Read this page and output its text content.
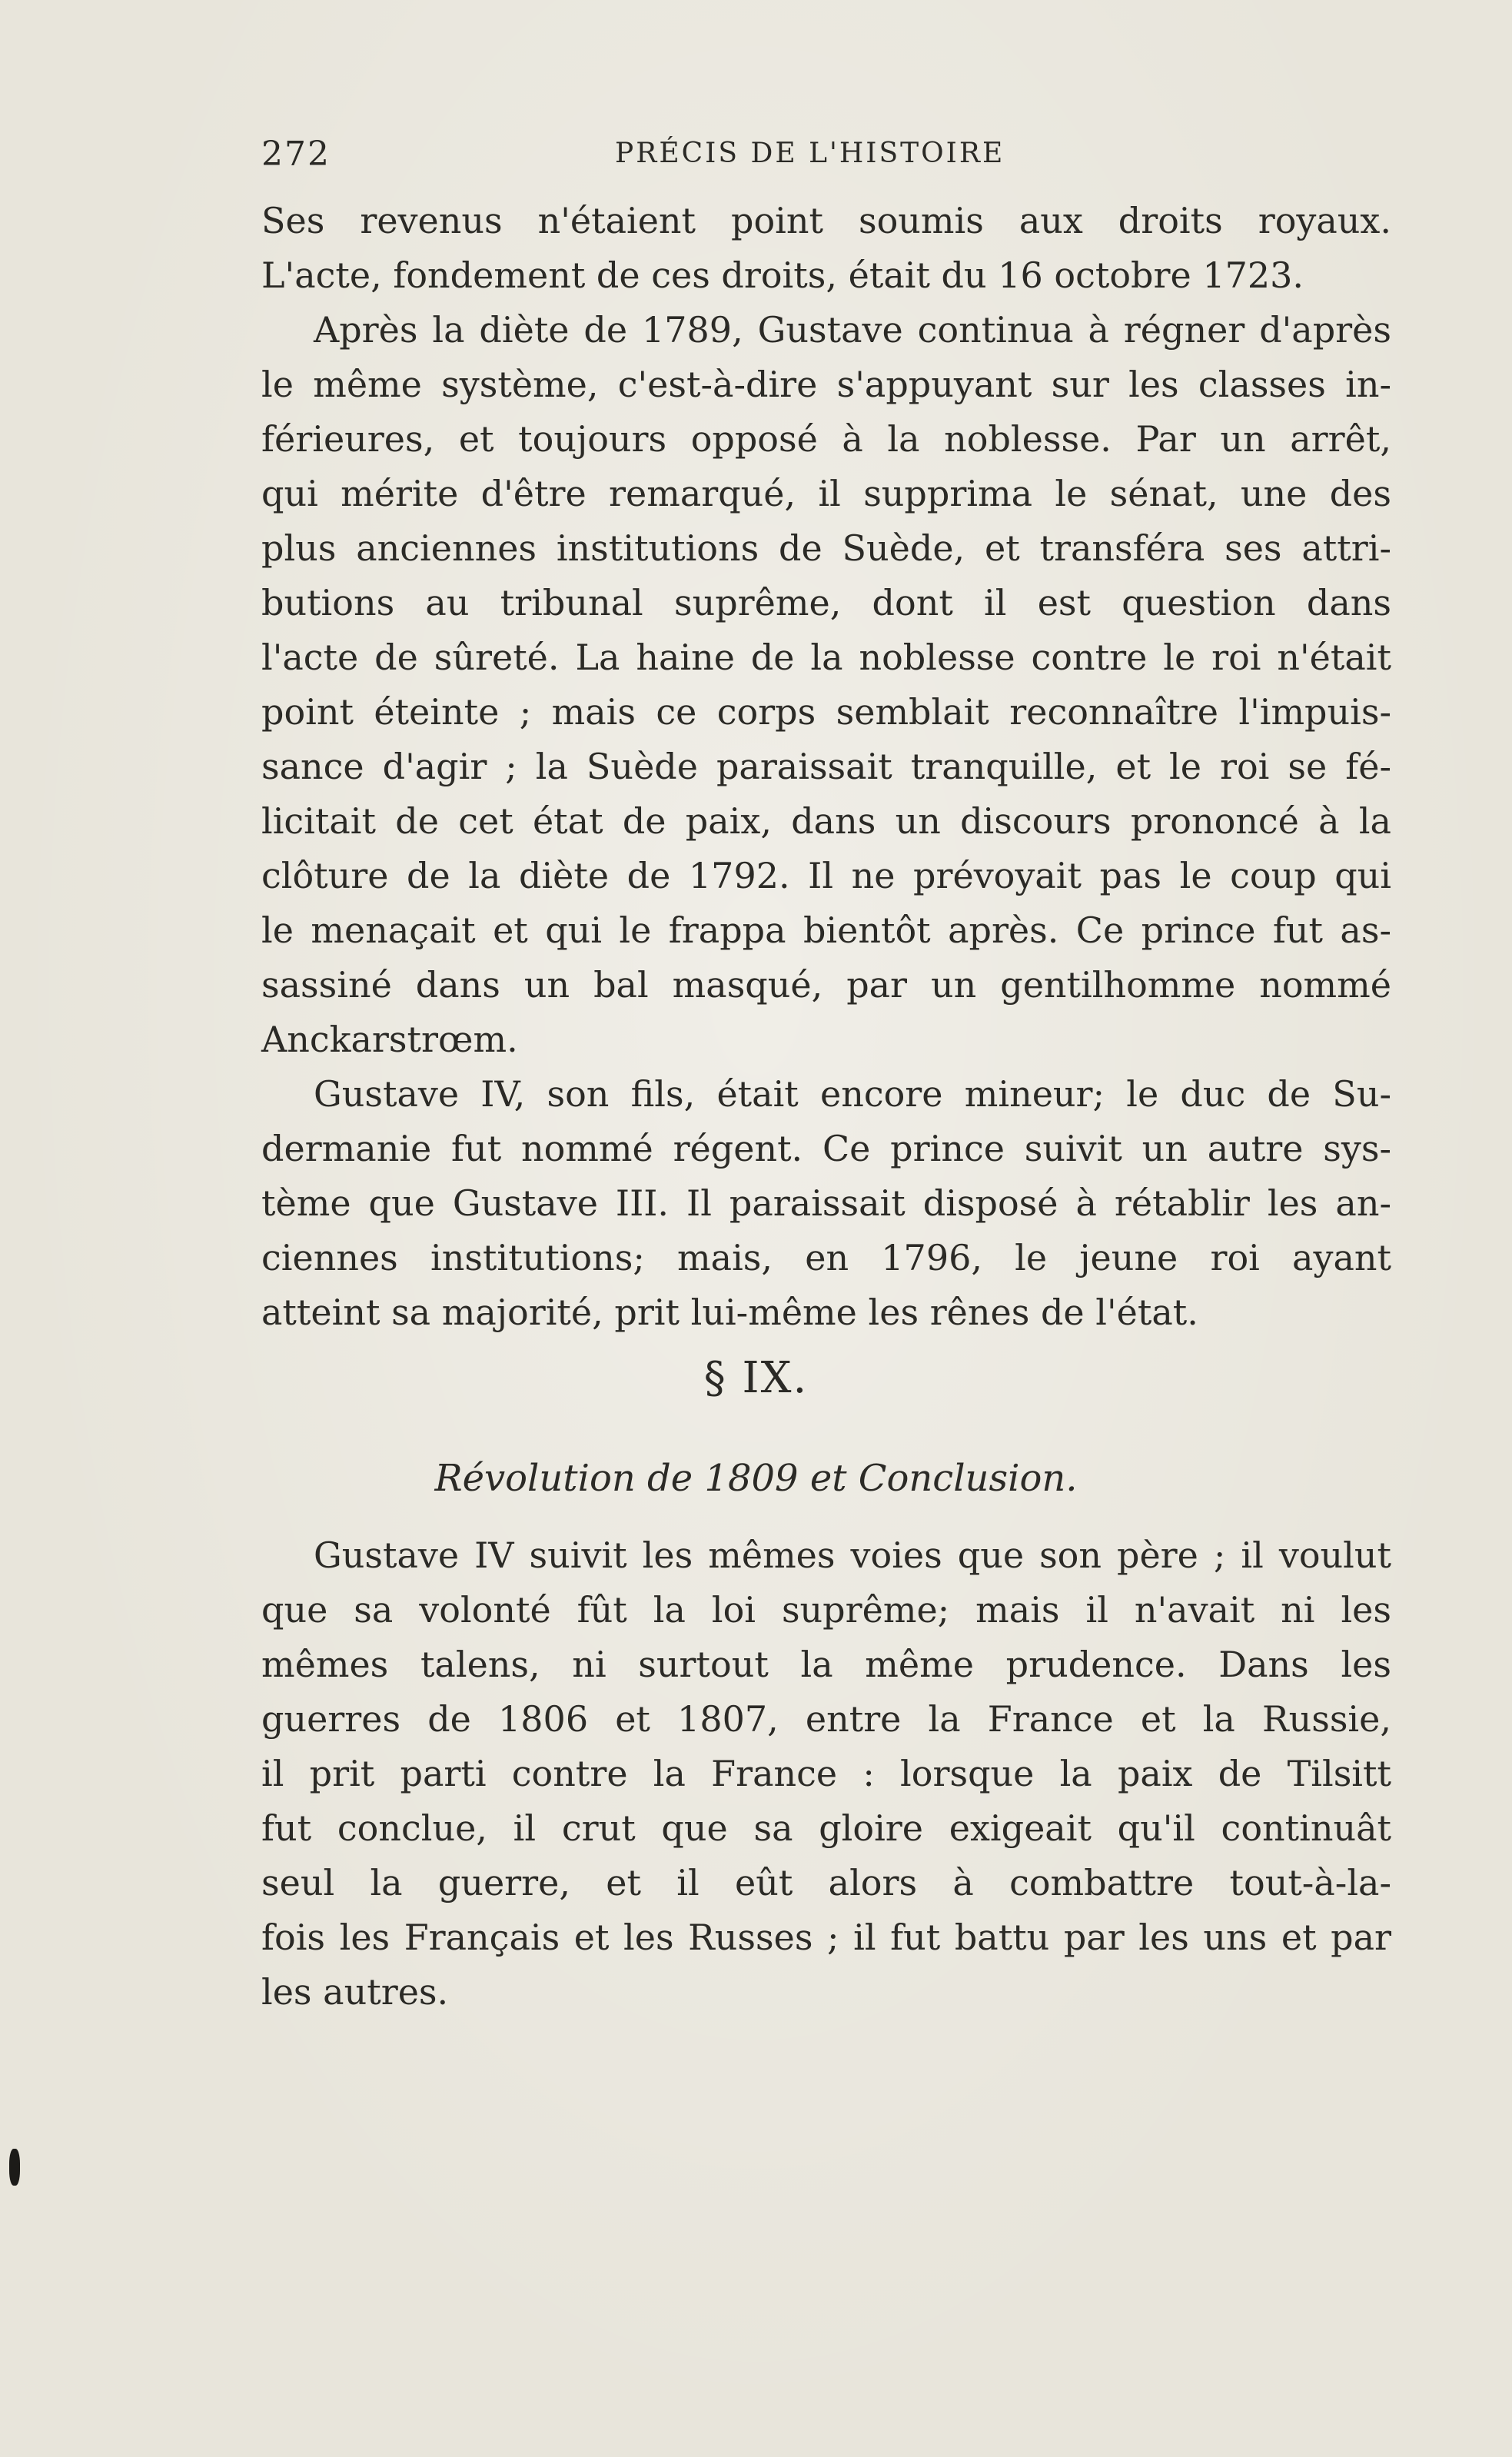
272	PRÉCIS DE L'HISTOIRE
Ses revenus n'étaient point soumis aux droits royaux.
L'acte, fondement de ces droits, était du 16 octobre 1723.
Après la diète de 1789, Gustave continua à régner d'après
le même système, c'est-à-dire s'appuyant sur les classes in-
férieures, et toujours opposé à la noblesse. Par un arrêt,
qui mérite d'être remarqué, il supprima le sénat, une des
plus anciennes institutions de Suède, et transféra ses attri-
butions au tribunal suprême, dont il est question dans
l'acte de sûreté. La haine de la noblesse contre le roi n'était
point éteinte ; mais ce corps semblait reconnaître l'impuis-
sance d'agir ; la Suède paraissait tranquille, et le roi se fé-
licitait de cet état de paix, dans un discours prononcé à la
clôture de la diète de 1792. Il ne prévoyait pas le coup qui
le menaçait et qui le frappa bientôt après. Ce prince fut as-
sassiné dans un bal masqué, par un gentilhomme nommé
Anckarstrœm.
Gustave IV, son fils, était encore mineur; le duc de Su-
dermanie fut nommé régent. Ce prince suivit un autre sys-
tème que Gustave III. Il paraissait disposé à rétablir les an-
ciennes institutions; mais, en 1796, le jeune roi ayant
atteint sa majorité, prit lui-même les rênes de l'état.
§ IX.
Révolution de 1809 et Conclusion.
Gustave IV suivit les mêmes voies que son père ; il voulut
que sa volonté fût la loi suprême; mais il n'avait ni les
mêmes talens, ni surtout la même prudence. Dans les
guerres de 1806 et 1807, entre la France et la Russie,
il prit parti contre la France : lorsque la paix de Tilsitt
fut conclue, il crut que sa gloire exigeait qu'il continuât
seul la guerre, et il eût alors à combattre tout-à-la-
fois les Français et les Russes ; il fut battu par les uns et par
les autres.
